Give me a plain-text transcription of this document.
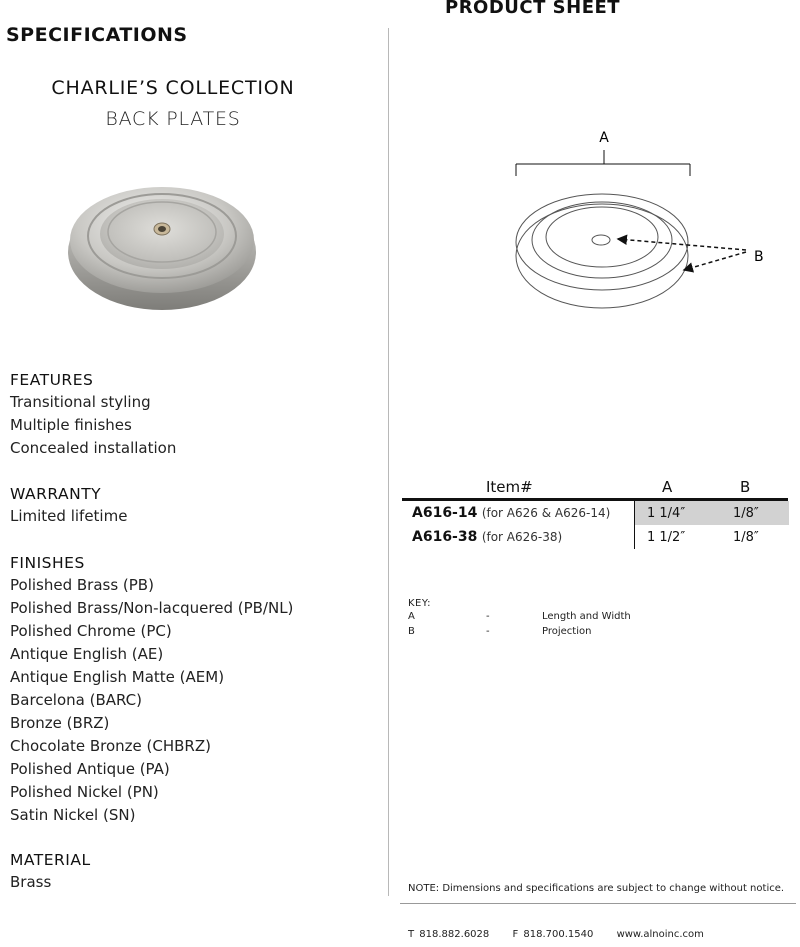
SPECIFICATIONS
PRODUCT SHEET
CHARLIE’S COLLECTION
BACK PLATES
FEATURES
Transitional styling
Multiple finishes
Concealed installation
WARRANTY
Limited lifetime
FINISHES
Polished Brass (PB)
Polished Brass/Non-lacquered (PB/NL)
Polished Chrome (PC)
Antique English (AE)
Antique English Matte (AEM)
Barcelona (BARC)
Bronze (BRZ)
Chocolate Bronze (CHBRZ)
Polished Antique (PA)
Polished Nickel (PN)
Satin Nickel (SN)
MATERIAL
Brass
A
B
Item#	A	B
A616-14 (for A626 & A626-14)	1 1/4″	1/8″
A616-38 (for A626-38)	1 1/2″	1/8″
KEY:
A	-	Length and Width
B	-	Projection
NOTE: Dimensions and specifications are subject to change without notice.
T 818.882.6028 F 818.700.1540 www.alnoinc.com
